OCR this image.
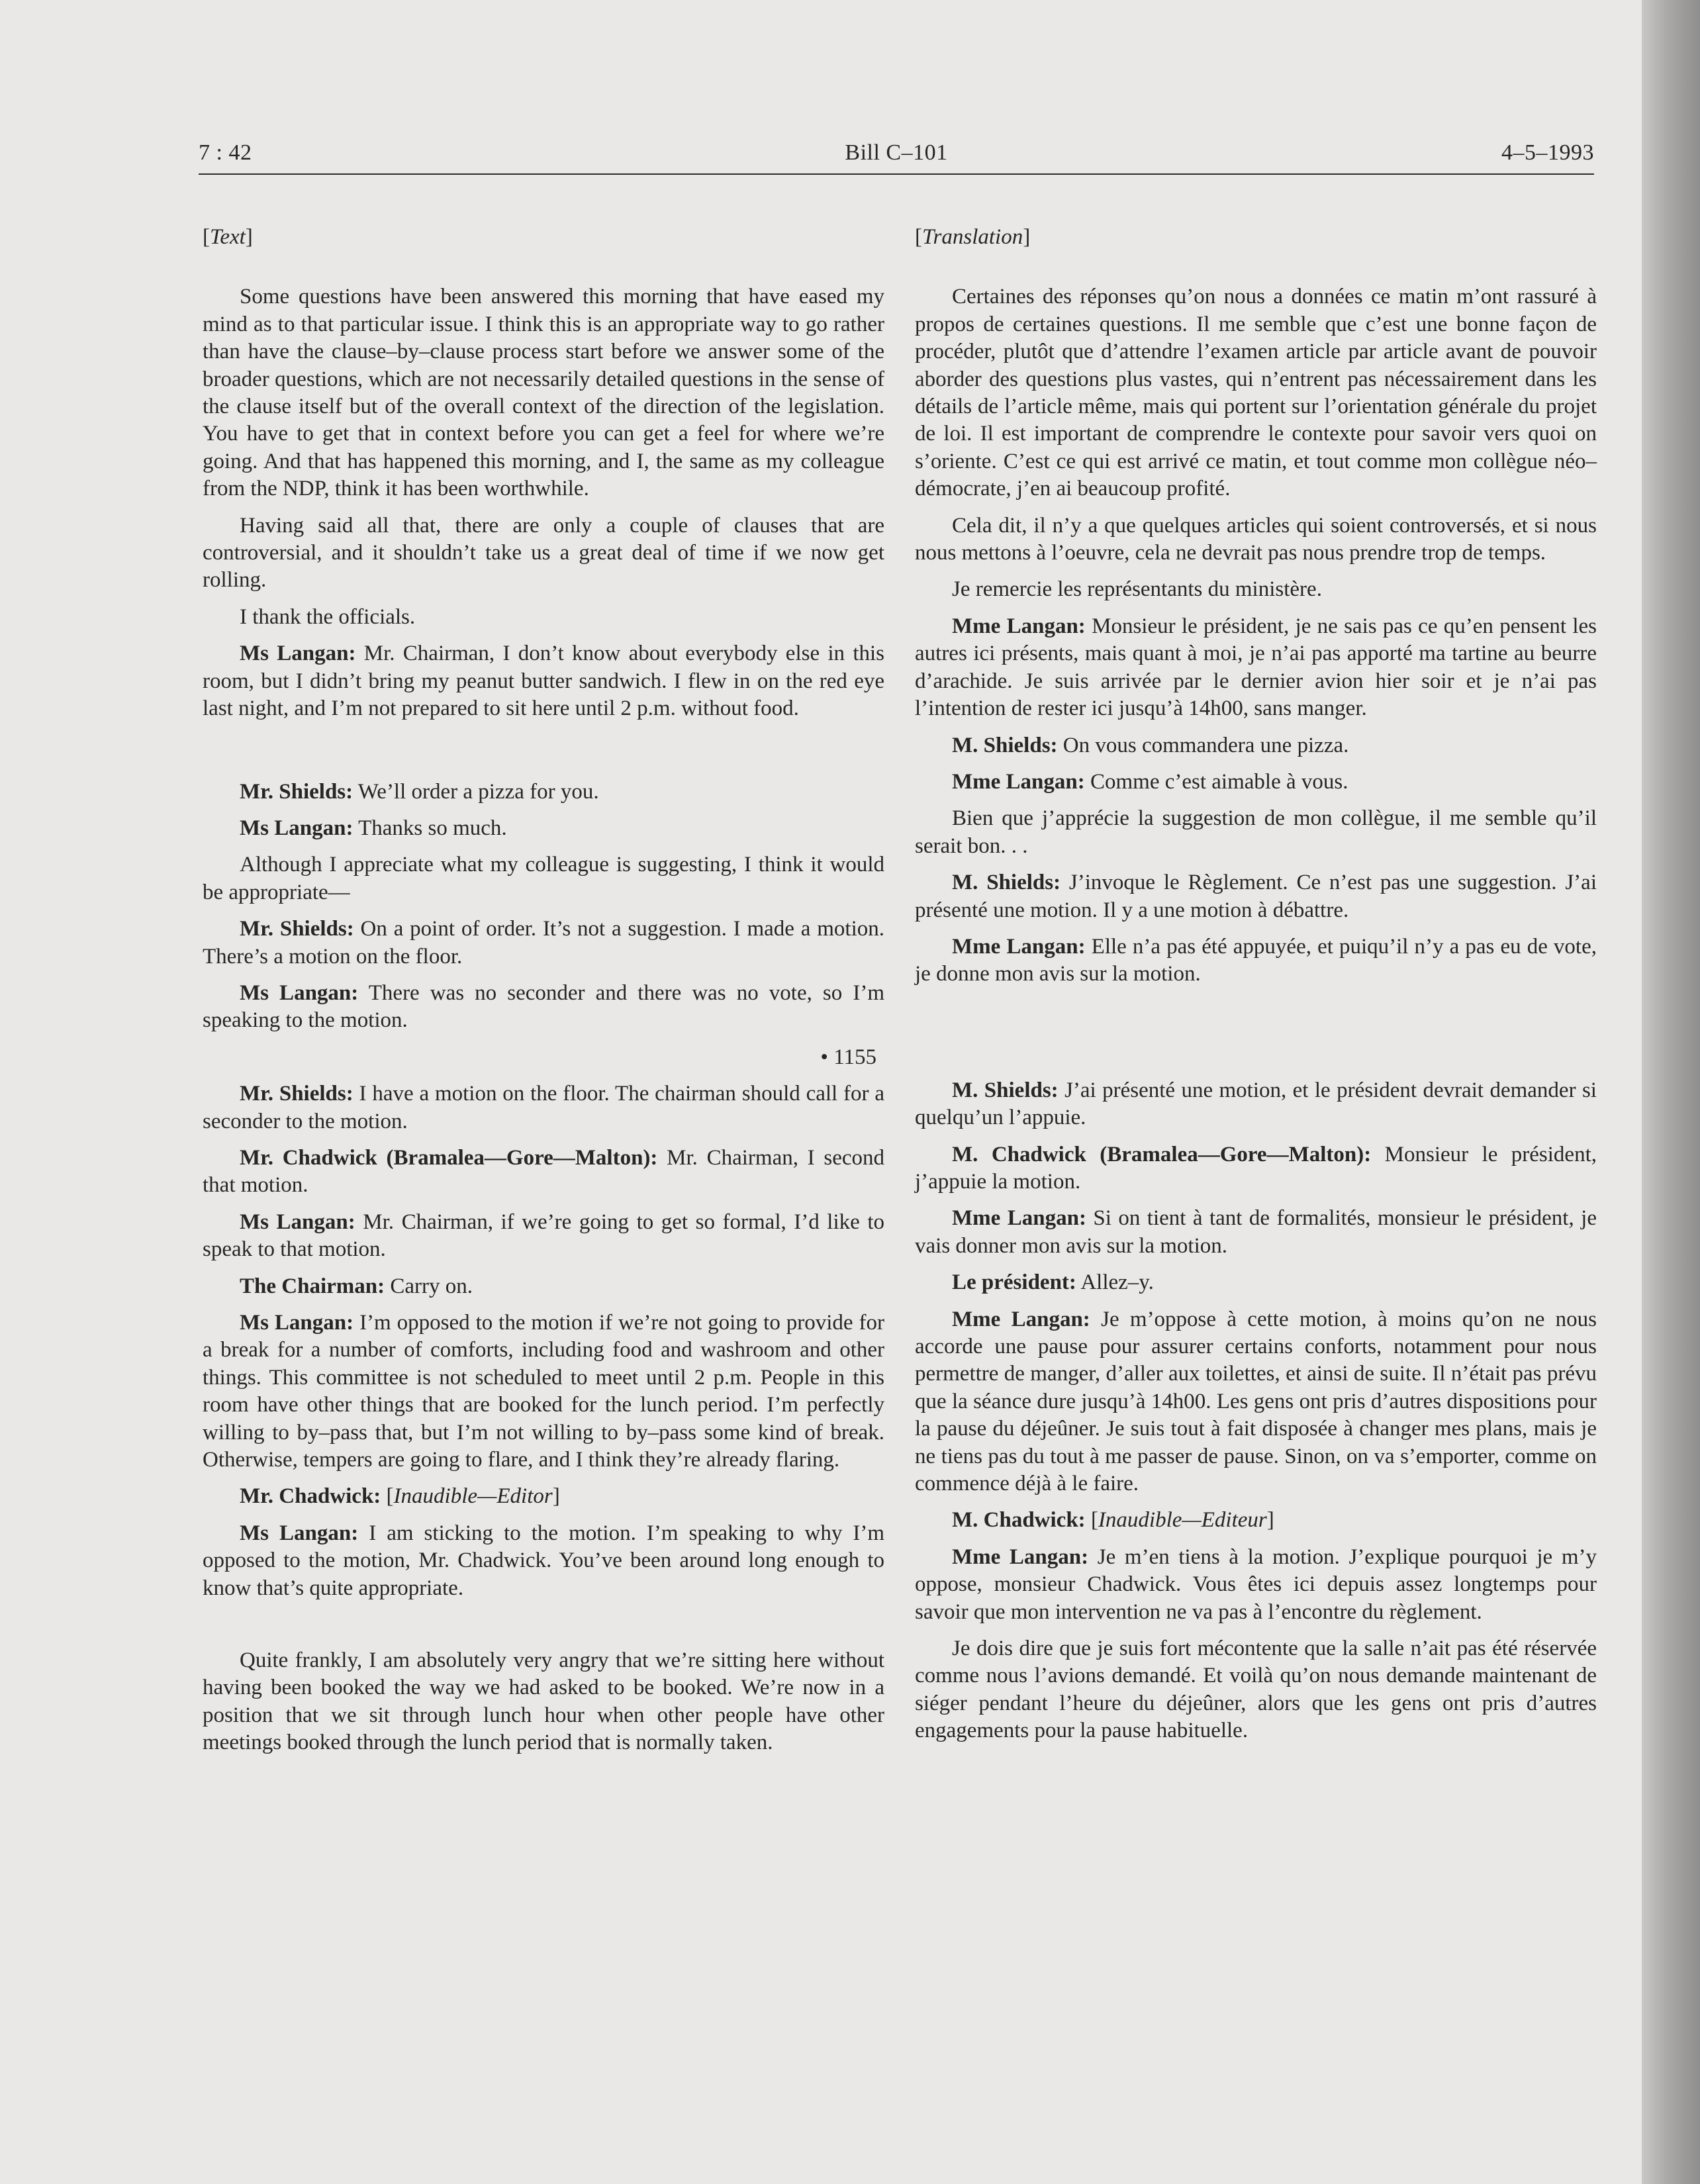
7 : 42	Bill C–101	4–5–1993

[Text]

Some questions have been answered this morning that have eased my mind as to that particular issue. I think this is an appropriate way to go rather than have the clause–by–clause process start before we answer some of the broader questions, which are not necessarily detailed questions in the sense of the clause itself but of the overall context of the direction of the legislation. You have to get that in context before you can get a feel for where we’re going. And that has happened this morning, and I, the same as my colleague from the NDP, think it has been worthwhile.

Having said all that, there are only a couple of clauses that are controversial, and it shouldn’t take us a great deal of time if we now get rolling.

I thank the officials.

Ms Langan: Mr. Chairman, I don’t know about everybody else in this room, but I didn’t bring my peanut butter sandwich. I flew in on the red eye last night, and I’m not prepared to sit here until 2 p.m. without food.

Mr. Shields: We’ll order a pizza for you.

Ms Langan: Thanks so much.

Although I appreciate what my colleague is suggesting, I think it would be appropriate—

Mr. Shields: On a point of order. It’s not a suggestion. I made a motion. There’s a motion on the floor.

Ms Langan: There was no seconder and there was no vote, so I’m speaking to the motion.

• 1155

Mr. Shields: I have a motion on the floor. The chairman should call for a seconder to the motion.

Mr. Chadwick (Bramalea—Gore—Malton): Mr. Chairman, I second that motion.

Ms Langan: Mr. Chairman, if we’re going to get so formal, I’d like to speak to that motion.

The Chairman: Carry on.

Ms Langan: I’m opposed to the motion if we’re not going to provide for a break for a number of comforts, including food and washroom and other things. This committee is not scheduled to meet until 2 p.m. People in this room have other things that are booked for the lunch period. I’m perfectly willing to by–pass that, but I’m not willing to by–pass some kind of break. Otherwise, tempers are going to flare, and I think they’re already flaring.

Mr. Chadwick: [Inaudible—Editor]

Ms Langan: I am sticking to the motion. I’m speaking to why I’m opposed to the motion, Mr. Chadwick. You’ve been around long enough to know that’s quite appropriate.

Quite frankly, I am absolutely very angry that we’re sitting here without having been booked the way we had asked to be booked. We’re now in a position that we sit through lunch hour when other people have other meetings booked through the lunch period that is normally taken.

[Translation]

Certaines des réponses qu’on nous a données ce matin m’ont rassuré à propos de certaines questions. Il me semble que c’est une bonne façon de procéder, plutôt que d’attendre l’examen article par article avant de pouvoir aborder des questions plus vastes, qui n’entrent pas nécessairement dans les détails de l’article même, mais qui portent sur l’orientation générale du projet de loi. Il est important de comprendre le contexte pour savoir vers quoi on s’oriente. C’est ce qui est arrivé ce matin, et tout comme mon collègue néo–démocrate, j’en ai beaucoup profité.

Cela dit, il n’y a que quelques articles qui soient controversés, et si nous nous mettons à l’oeuvre, cela ne devrait pas nous prendre trop de temps.

Je remercie les représentants du ministère.

Mme Langan: Monsieur le président, je ne sais pas ce qu’en pensent les autres ici présents, mais quant à moi, je n’ai pas apporté ma tartine au beurre d’arachide. Je suis arrivée par le dernier avion hier soir et je n’ai pas l’intention de rester ici jusqu’à 14h00, sans manger.

M. Shields: On vous commandera une pizza.

Mme Langan: Comme c’est aimable à vous.

Bien que j’apprécie la suggestion de mon collègue, il me semble qu’il serait bon. . .

M. Shields: J’invoque le Règlement. Ce n’est pas une suggestion. J’ai présenté une motion. Il y a une motion à débattre.

Mme Langan: Elle n’a pas été appuyée, et puiqu’il n’y a pas eu de vote, je donne mon avis sur la motion.

M. Shields: J’ai présenté une motion, et le président devrait demander si quelqu’un l’appuie.

M. Chadwick (Bramalea—Gore—Malton): Monsieur le président, j’appuie la motion.

Mme Langan: Si on tient à tant de formalités, monsieur le président, je vais donner mon avis sur la motion.

Le président: Allez–y.

Mme Langan: Je m’oppose à cette motion, à moins qu’on ne nous accorde une pause pour assurer certains conforts, notamment pour nous permettre de manger, d’aller aux toilettes, et ainsi de suite. Il n’était pas prévu que la séance dure jusqu’à 14h00. Les gens ont pris d’autres dispositions pour la pause du déjeûner. Je suis tout à fait disposée à changer mes plans, mais je ne tiens pas du tout à me passer de pause. Sinon, on va s’emporter, comme on commence déjà à le faire.

M. Chadwick: [Inaudible—Editeur]

Mme Langan: Je m’en tiens à la motion. J’explique pourquoi je m’y oppose, monsieur Chadwick. Vous êtes ici depuis assez longtemps pour savoir que mon intervention ne va pas à l’encontre du règlement.

Je dois dire que je suis fort mécontente que la salle n’ait pas été réservée comme nous l’avions demandé. Et voilà qu’on nous demande maintenant de siéger pendant l’heure du déjeûner, alors que les gens ont pris d’autres engagements pour la pause habituelle.
